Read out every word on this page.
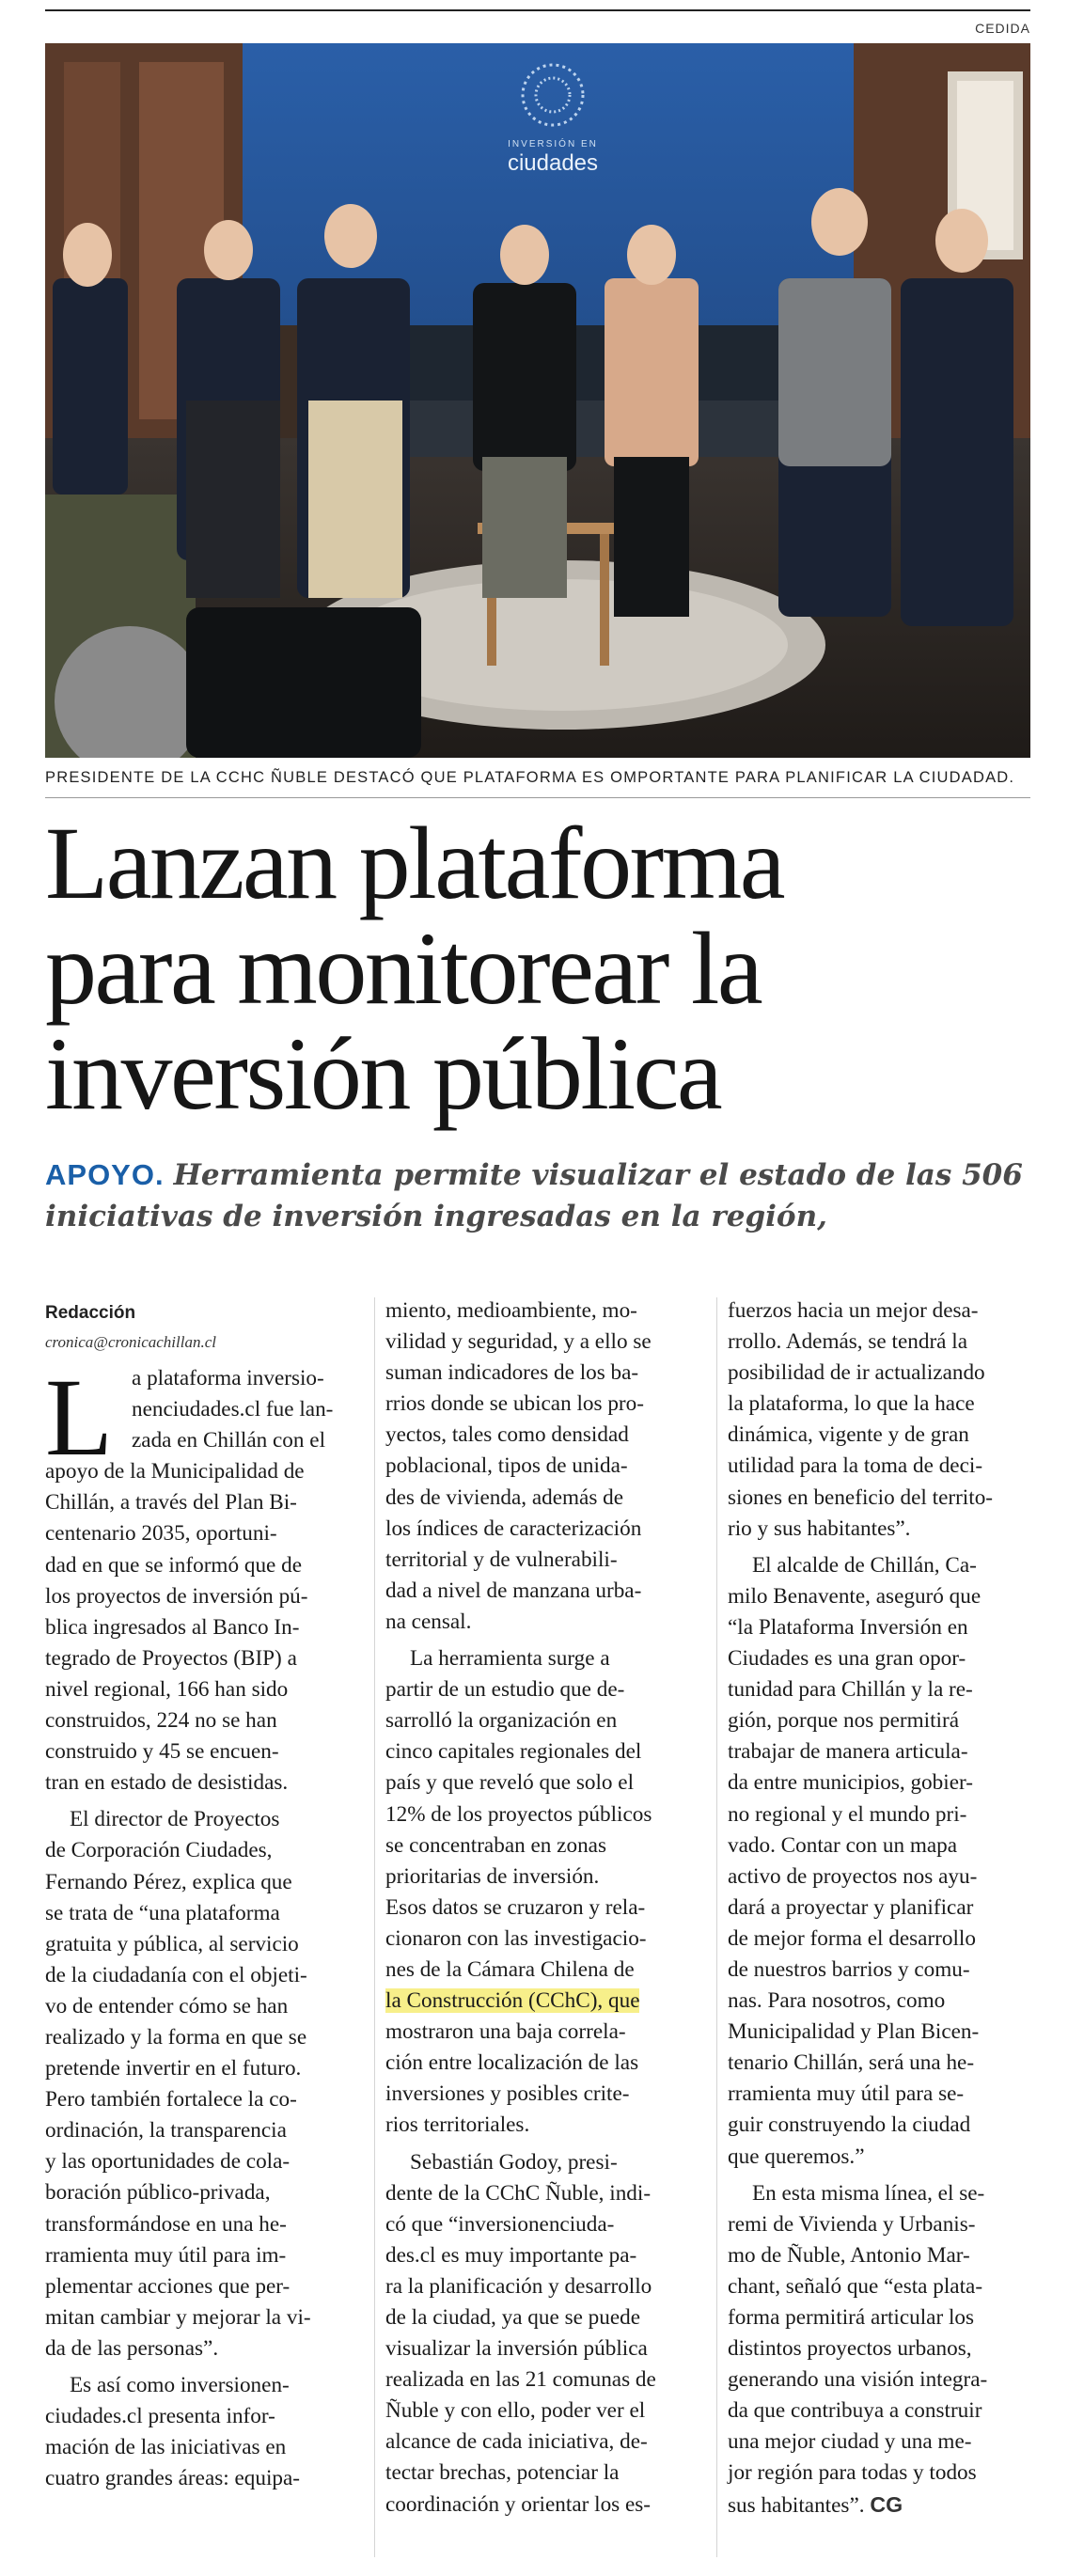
CEDIDA
INVERSIÓN EN
ciudades
PRESIDENTE DE LA CCHC ÑUBLE DESTACÓ QUE PLATAFORMA ES OMPORTANTE PARA PLANIFICAR LA CIUDADAD.
Lanzan plataforma
para monitorear la
inversión pública
APOYO. Herramienta permite visualizar el estado de las 506
iniciativas de inversión ingresadas en la región,
Redacción
cronica@cronicachillan.cl
L a plataforma inversio-
nenciudades.cl fue lan-
zada en Chillán con el
apoyo de la Municipalidad de
Chillán, a través del Plan Bi-
centenario 2035, oportuni-
dad en que se informó que de
los proyectos de inversión pú-
blica ingresados al Banco In-
tegrado de Proyectos (BIP) a
nivel regional, 166 han sido
construidos, 224 no se han
construido y 45 se encuen-
tran en estado de desistidas.
El director de Proyectos
de Corporación Ciudades,
Fernando Pérez, explica que
se trata de “una plataforma
gratuita y pública, al servicio
de la ciudadanía con el objeti-
vo de entender cómo se han
realizado y la forma en que se
pretende invertir en el futuro.
Pero también fortalece la co-
ordinación, la transparencia
y las oportunidades de cola-
boración público-privada,
transformándose en una he-
rramienta muy útil para im-
plementar acciones que per-
mitan cambiar y mejorar la vi-
da de las personas”.
Es así como inversionen-
ciudades.cl presenta infor-
mación de las iniciativas en
cuatro grandes áreas: equipa-
miento, medioambiente, mo-
vilidad y seguridad, y a ello se
suman indicadores de los ba-
rrios donde se ubican los pro-
yectos, tales como densidad
poblacional, tipos de unida-
des de vivienda, además de
los índices de caracterización
territorial y de vulnerabili-
dad a nivel de manzana urba-
na censal.
La herramienta surge a
partir de un estudio que de-
sarrolló la organización en
cinco capitales regionales del
país y que reveló que solo el
12% de los proyectos públicos
se concentraban en zonas
prioritarias de inversión.
Esos datos se cruzaron y rela-
cionaron con las investigacio-
nes de la Cámara Chilena de
la Construcción (CChC), que
mostraron una baja correla-
ción entre localización de las
inversiones y posibles crite-
rios territoriales.
Sebastián Godoy, presi-
dente de la CChC Ñuble, indi-
có que “inversionenciuda-
des.cl es muy importante pa-
ra la planificación y desarrollo
de la ciudad, ya que se puede
visualizar la inversión pública
realizada en las 21 comunas de
Ñuble y con ello, poder ver el
alcance de cada iniciativa, de-
tectar brechas, potenciar la
coordinación y orientar los es-
fuerzos hacia un mejor desa-
rrollo. Además, se tendrá la
posibilidad de ir actualizando
la plataforma, lo que la hace
dinámica, vigente y de gran
utilidad para la toma de deci-
siones en beneficio del territo-
rio y sus habitantes”.
El alcalde de Chillán, Ca-
milo Benavente, aseguró que
“la Plataforma Inversión en
Ciudades es una gran opor-
tunidad para Chillán y la re-
gión, porque nos permitirá
trabajar de manera articula-
da entre municipios, gobier-
no regional y el mundo pri-
vado. Contar con un mapa
activo de proyectos nos ayu-
dará a proyectar y planificar
de mejor forma el desarrollo
de nuestros barrios y comu-
nas. Para nosotros, como
Municipalidad y Plan Bicen-
tenario Chillán, será una he-
rramienta muy útil para se-
guir construyendo la ciudad
que queremos.”
En esta misma línea, el se-
remi de Vivienda y Urbanis-
mo de Ñuble, Antonio Mar-
chant, señaló que “esta plata-
forma permitirá articular los
distintos proyectos urbanos,
generando una visión integra-
da que contribuya a construir
una mejor ciudad y una me-
jor región para todas y todos
sus habitantes”. CG
